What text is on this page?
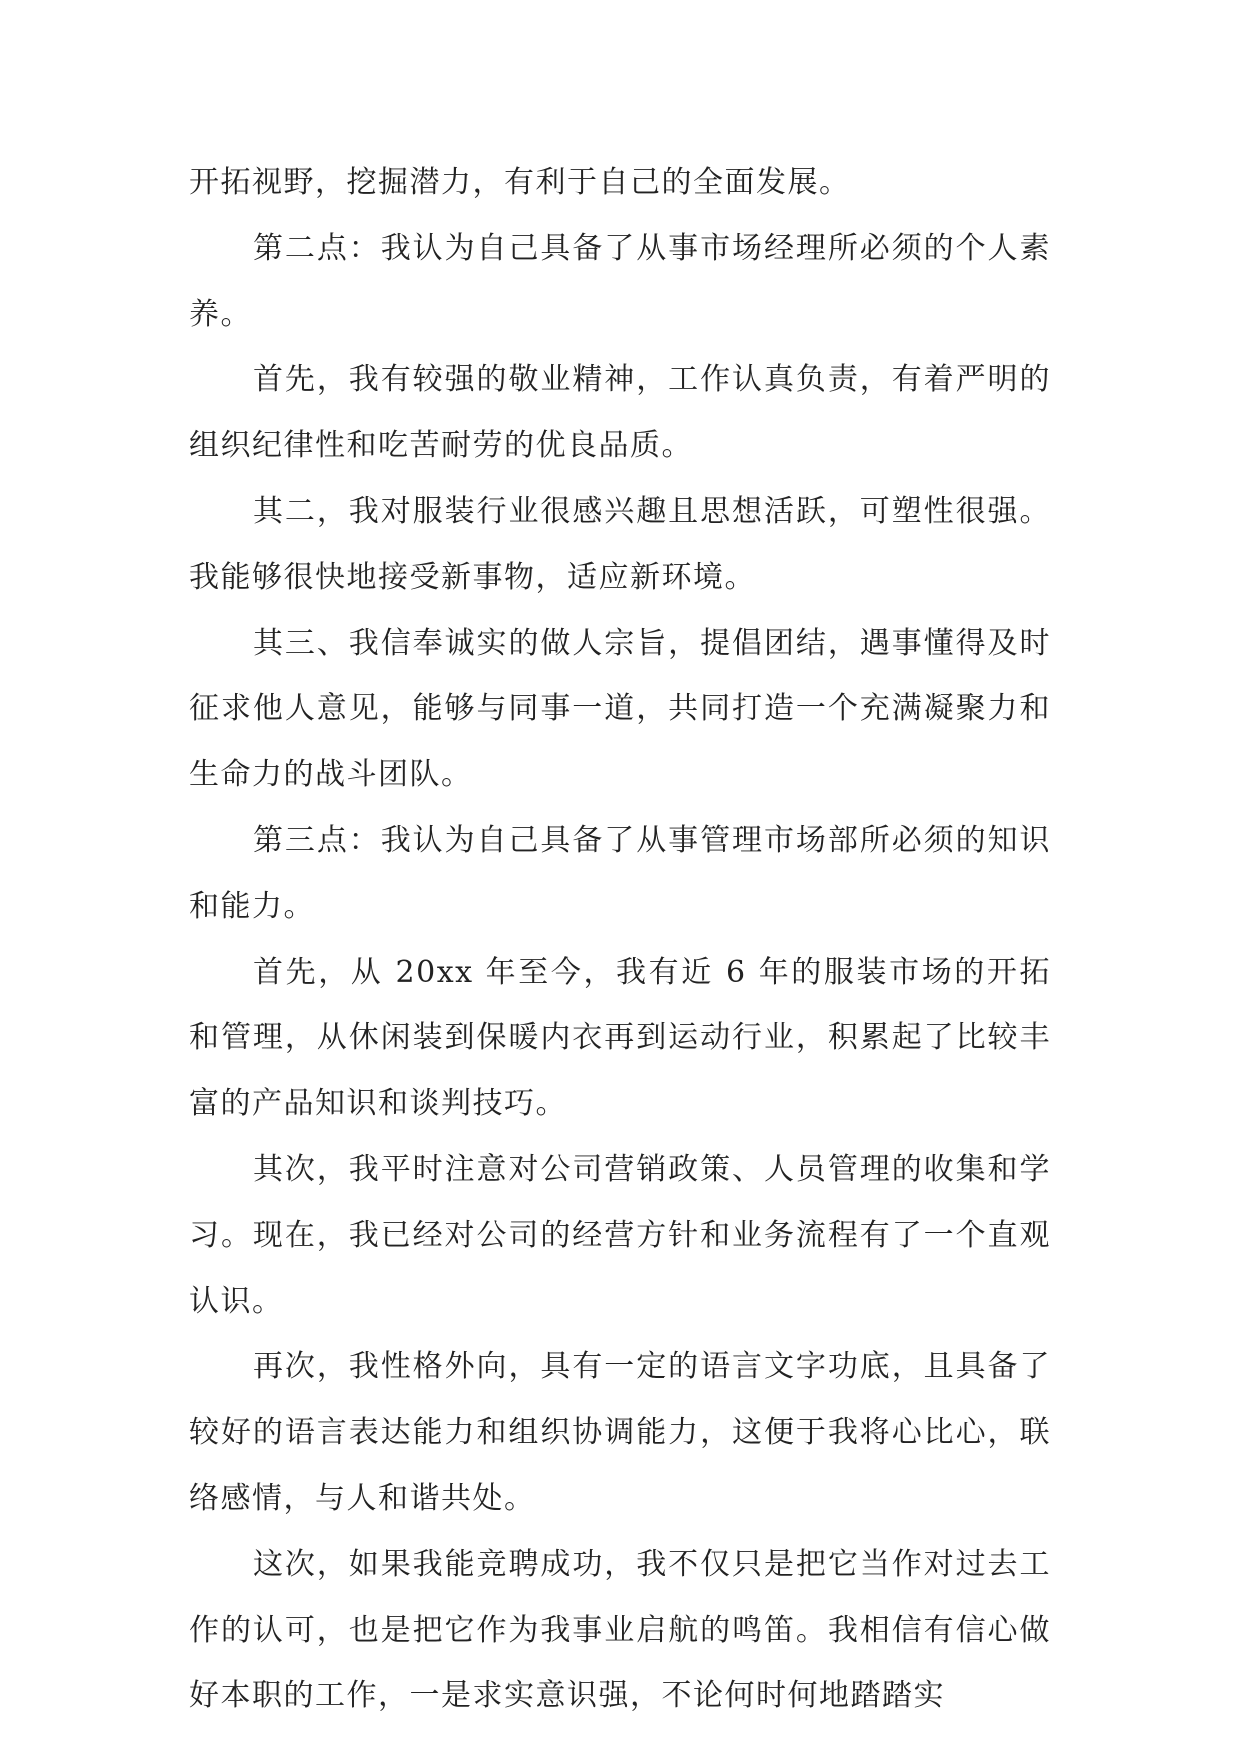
开拓视野，挖掘潜力，有利于自己的全面发展。

第二点：我认为自己具备了从事市场经理所必须的个人素养。

首先，我有较强的敬业精神，工作认真负责，有着严明的组织纪律性和吃苦耐劳的优良品质。

其二，我对服装行业很感兴趣且思想活跃，可塑性很强。我能够很快地接受新事物，适应新环境。

其三、我信奉诚实的做人宗旨，提倡团结，遇事懂得及时征求他人意见，能够与同事一道，共同打造一个充满凝聚力和生命力的战斗团队。

第三点：我认为自己具备了从事管理市场部所必须的知识和能力。

首先，从 20xx 年至今，我有近 6 年的服装市场的开拓和管理，从休闲装到保暖内衣再到运动行业，积累起了比较丰富的产品知识和谈判技巧。

其次，我平时注意对公司营销政策、人员管理的收集和学习。现在，我已经对公司的经营方针和业务流程有了一个直观认识。

再次，我性格外向，具有一定的语言文字功底，且具备了较好的语言表达能力和组织协调能力，这便于我将心比心，联络感情，与人和谐共处。

这次，如果我能竞聘成功，我不仅只是把它当作对过去工作的认可，也是把它作为我事业启航的鸣笛。我相信有信心做好本职的工作，一是求实意识强，不论何时何地踏踏实
